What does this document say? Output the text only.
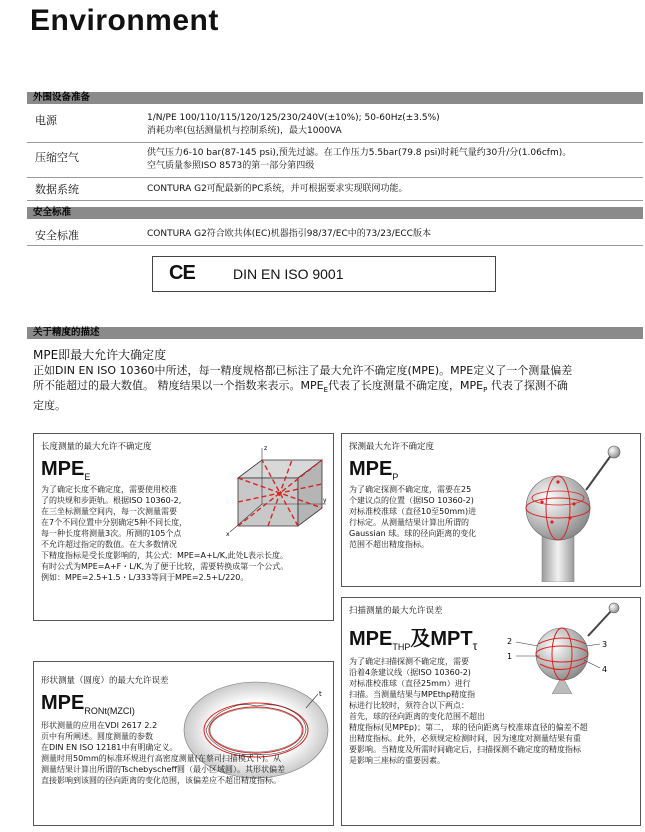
Environment
外围设备准备
电源	1/N/PE 100/110/115/120/125/230/240V(±10%); 50-60Hz(±3.5%)
消耗功率(包括测量机与控制系统)，最大1000VA
压缩空气	供气压力6-10 bar(87-145 psi),预先过滤。在工作压力5.5bar(79.8 psi)时耗气量约30升/分(1.06cfm)。
空气质量参照ISO 8573的第一部分第四级
数据系统	CONTURA G2可配最新的PC系统，并可根据要求实现联网功能。
安全标准
安全标准	CONTURA G2符合欧共体(EC)机器指引98/37/EC中的73/23/ECC版本
CE	DIN EN ISO 9001
关于精度的描述
MPE即最大允许大确定度
正如DIN EN ISO 10360中所述，每一精度规格都已标注了最大允许不确定度(MPE)。MPE定义了一个测量偏差
所不能超过的最大数值。 精度结果以一个指数来表示。$MPE_E$代表了长度测量不确定度，$MPE_P$ 代表了探测不确
定度。
长度测量的最大允许不确定度
$MPE_E$
z
y
x
为了确定长度不确定度，需要使用校准
了的块规和步距轨。根据ISO 10360-2,
在三坐标测量空间内，每一次测量需要
在7个不同位置中分别确定5种不同长度，
每一种长度将测量3次。所测的105个点
不允许超过指定的数值。在大多数情况
下精度指标是受长度影响的，其公式：MPE=A+L/K,此处L表示长度。
有时公式为MPE=A+F・L/K,为了便于比较，需要转换成第一个公式。
例如：MPE=2.5+1.5・L/333等同于MPE=2.5+L/220。
探测最大允许不确定度
$MPE_P$
为了确定探测不确定度，需要在25
个建议点的位置（据ISO 10360-2)
对标准校准球（直径10至50mm)进
行标定。从测量结果计算出所谓的
Gaussian 球。球的径向距离的变化
范围不超出精度指标。
形状测量（圆度）的最大允许误差
$MPE_{RONt(MZCI)}$
t
形状测量的应用在VDI 2617 2.2
页中有所阐述。圆度测量的参数
在DIN EN ISO 12181中有明确定义。
测量时用50mm的标准环规进行高密度测量(在蔡司扫描模式下)。从
测量结果计算出所谓的Tschebyscheff圆（最小区域圆）。其形状偏差
直接影响到该圆的径向距离的变化范围，该偏差应不超出精度指标。
扫描测量的最大允许误差
$MPE_{THP}$及$MPT_\tau$	2
1
3
4
为了确定扫描探测不确定度，需要
沿着4条建议线（据ISO 10360-2)
对标准校准球（直径25mm）进行
扫描。当测量结果与MPEthp精度指
标进行比较时，须符合以下两点：
首先，球的径向距离的变化范围不超出
精度指标(见MPEp)；第二， 球的径向距离与校准球直径的偏差不超
出精度指标。此外，必须规定检测时间，因为速度对测量结果有重
要影响。当精度及所需时间确定后，扫描探测不确定度的精度指标
是影响三座标的重要因素。
